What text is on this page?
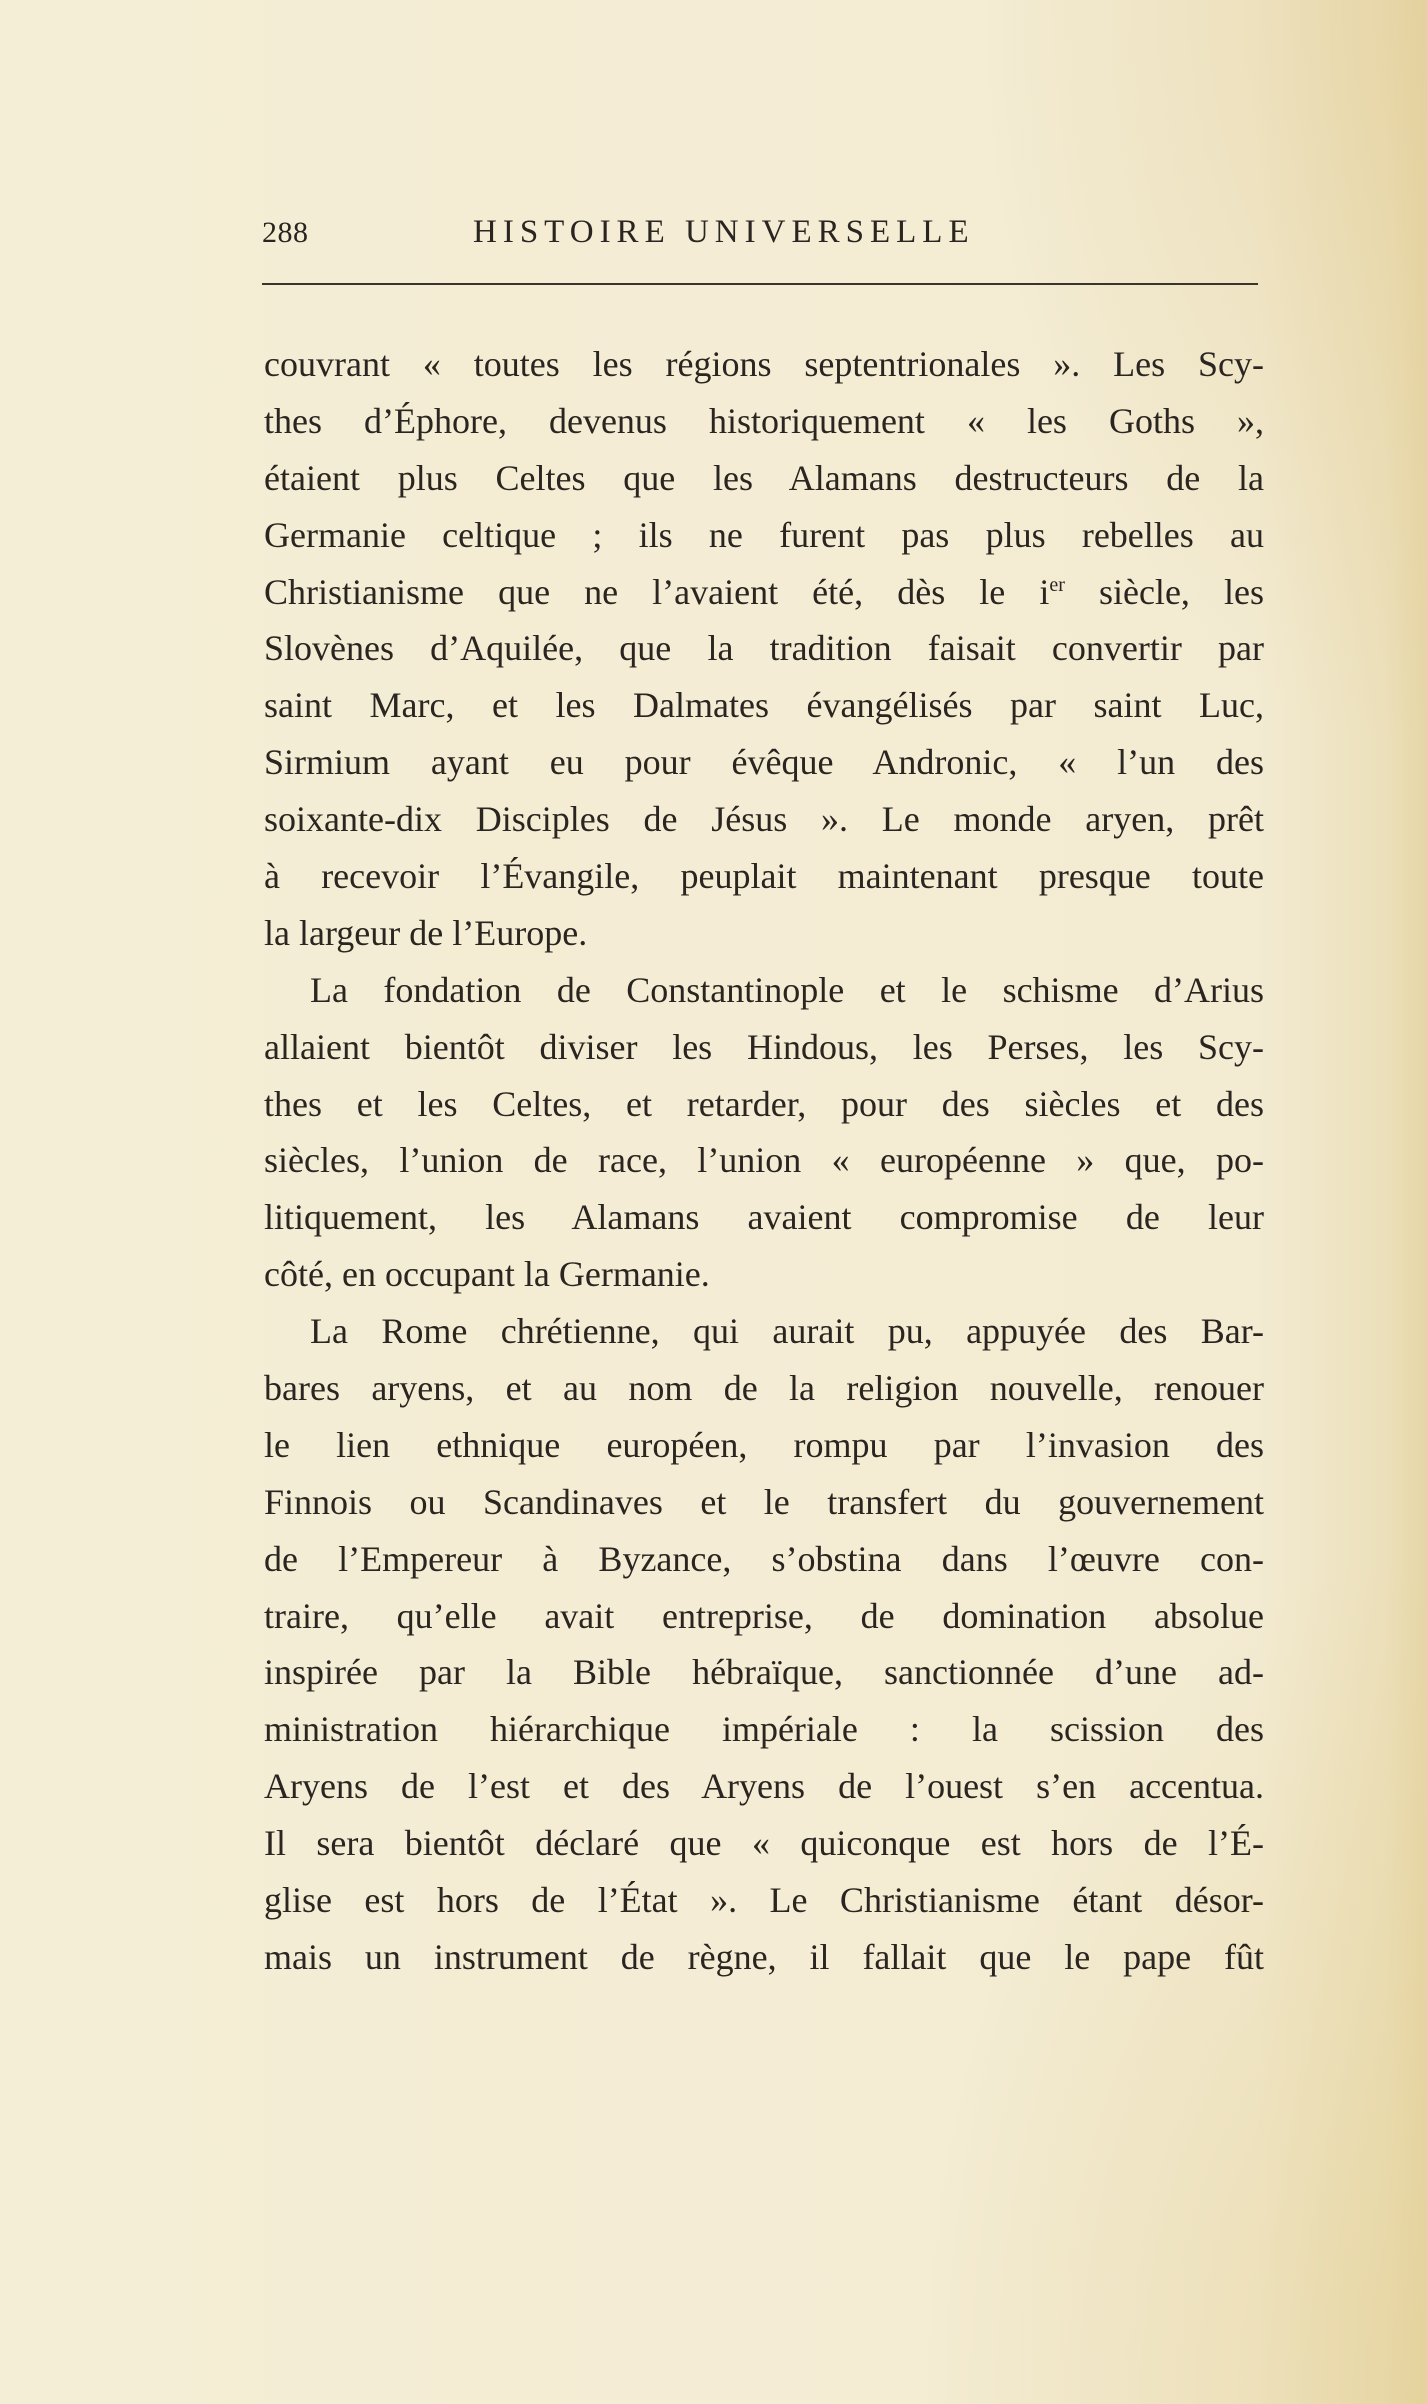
288	HISTOIRE UNIVERSELLE
couvrant « toutes les régions septentrionales ». Les Scy-
thes d’Éphore, devenus historiquement « les Goths »,
étaient plus Celtes que les Alamans destructeurs de la
Germanie celtique ; ils ne furent pas plus rebelles au
Christianisme que ne l’avaient été, dès le $i^{er}$ siècle, les
Slovènes d’Aquilée, que la tradition faisait convertir par
saint Marc, et les Dalmates évangélisés par saint Luc,
Sirmium ayant eu pour évêque Andronic, « l’un des
soixante-dix Disciples de Jésus ». Le monde aryen, prêt
à recevoir l’Évangile, peuplait maintenant presque toute
la largeur de l’Europe.
La fondation de Constantinople et le schisme d’Arius
allaient bientôt diviser les Hindous, les Perses, les Scy-
thes et les Celtes, et retarder, pour des siècles et des
siècles, l’union de race, l’union « européenne » que, po-
litiquement, les Alamans avaient compromise de leur
côté, en occupant la Germanie.
La Rome chrétienne, qui aurait pu, appuyée des Bar-
bares aryens, et au nom de la religion nouvelle, renouer
le lien ethnique européen, rompu par l’invasion des
Finnois ou Scandinaves et le transfert du gouvernement
de l’Empereur à Byzance, s’obstina dans l’œuvre con-
traire, qu’elle avait entreprise, de domination absolue
inspirée par la Bible hébraïque, sanctionnée d’une ad-
ministration hiérarchique impériale : la scission des
Aryens de l’est et des Aryens de l’ouest s’en accentua.
Il sera bientôt déclaré que « quiconque est hors de l’É-
glise est hors de l’État ». Le Christianisme étant désor-
mais un instrument de règne, il fallait que le pape fût
